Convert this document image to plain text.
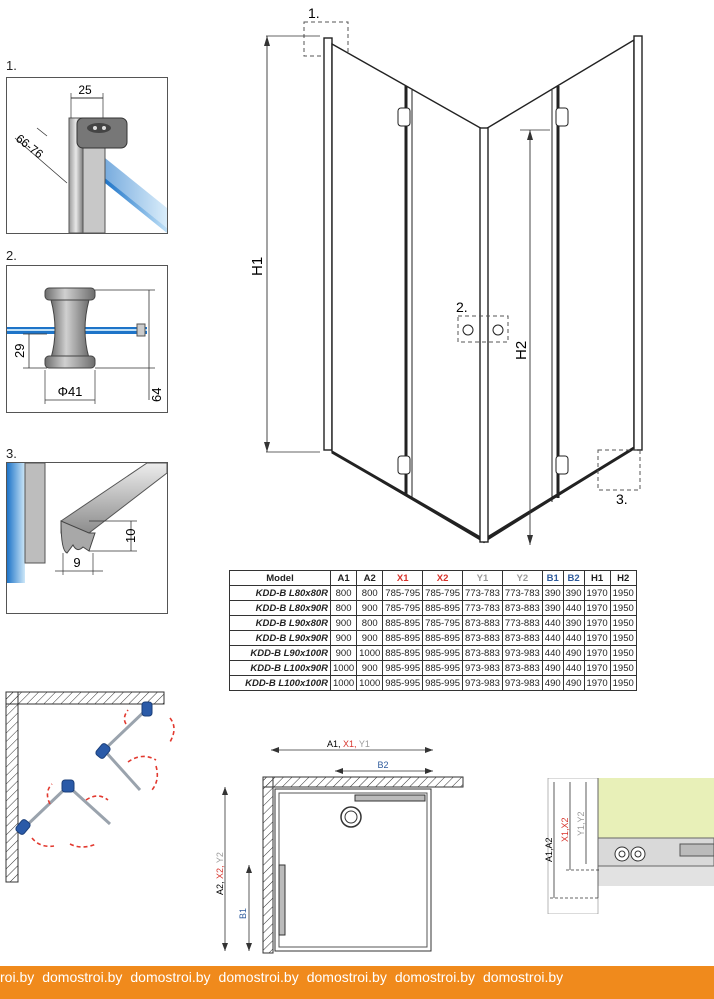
1.
25
66-76
2.
29
Φ41	64
3.
10
9
1.
H1
2.
H2
3.
Model	A1	A2	X1	X2	Y1	Y2	B1	B2	H1	H2
KDD-B L80x80R	800	800	785-795	785-795	773-783	773-783	390	390	1970	1950
KDD-B L80x90R	800	900	785-795	885-895	773-783	873-883	390	440	1970	1950
KDD-B L90x80R	900	800	885-895	785-795	873-883	773-883	440	390	1970	1950
KDD-B L90x90R	900	900	885-895	885-895	873-883	873-883	440	440	1970	1950
KDD-B L90x100R	900	1000	885-895	985-995	873-883	973-983	440	490	1970	1950
KDD-B L100x90R	1000	900	985-995	885-995	973-983	873-883	490	440	1970	1950
KDD-B L100x100R	1000	1000	985-995	985-995	973-983	973-983	490	490	1970	1950
A1, X1, Y1
B2
A2, X2, Y2
B1
A1,A2
X1,X2 Y1,Y2
roi.by domostroi.by domostroi.by domostroi.by domostroi.by domostroi.by domostroi.by
